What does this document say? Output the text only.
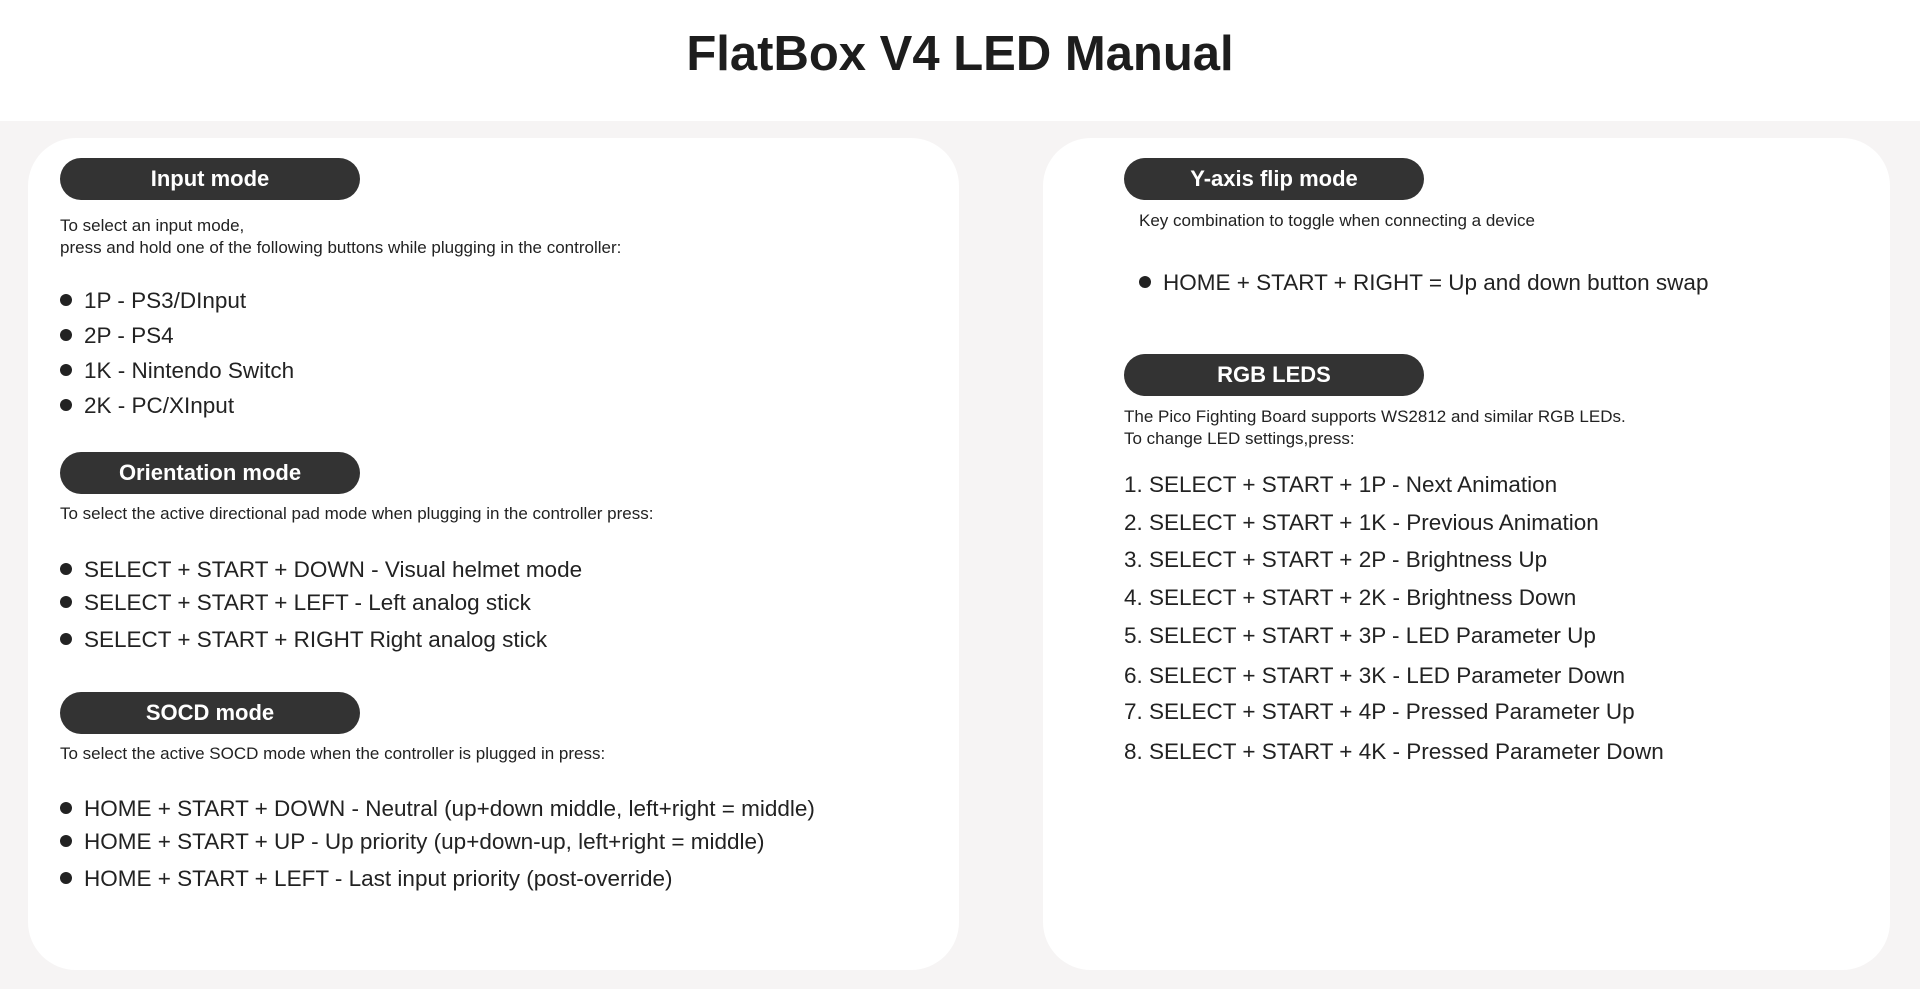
FlatBox V4 LED Manual
Input mode
To select an input mode,
press and hold one of the following buttons while plugging in the controller:
1P - PS3/DInput
2P - PS4
1K - Nintendo Switch
2K - PC/XInput
Orientation mode
To select the active directional pad mode when plugging in the controller press:
SELECT + START + DOWN - Visual helmet mode
SELECT + START + LEFT - Left analog stick
SELECT + START + RIGHT Right analog stick
SOCD mode
To select the active SOCD mode when the controller is plugged in press:
HOME + START + DOWN - Neutral (up+down middle, left+right = middle)
HOME + START + UP - Up priority (up+down-up, left+right = middle)
HOME + START + LEFT - Last input priority (post-override)
Y-axis flip mode
Key combination to toggle when connecting a device
HOME + START + RIGHT = Up and down button swap
RGB LEDS
The Pico Fighting Board supports WS2812 and similar RGB LEDs.
To change LED settings,press:
1. SELECT + START + 1P - Next Animation
2. SELECT + START + 1K - Previous Animation
3. SELECT + START + 2P - Brightness Up
4. SELECT + START + 2K - Brightness Down
5. SELECT + START + 3P - LED Parameter Up
6. SELECT + START + 3K - LED Parameter Down
7. SELECT + START + 4P - Pressed Parameter Up
8. SELECT + START + 4K - Pressed Parameter Down
